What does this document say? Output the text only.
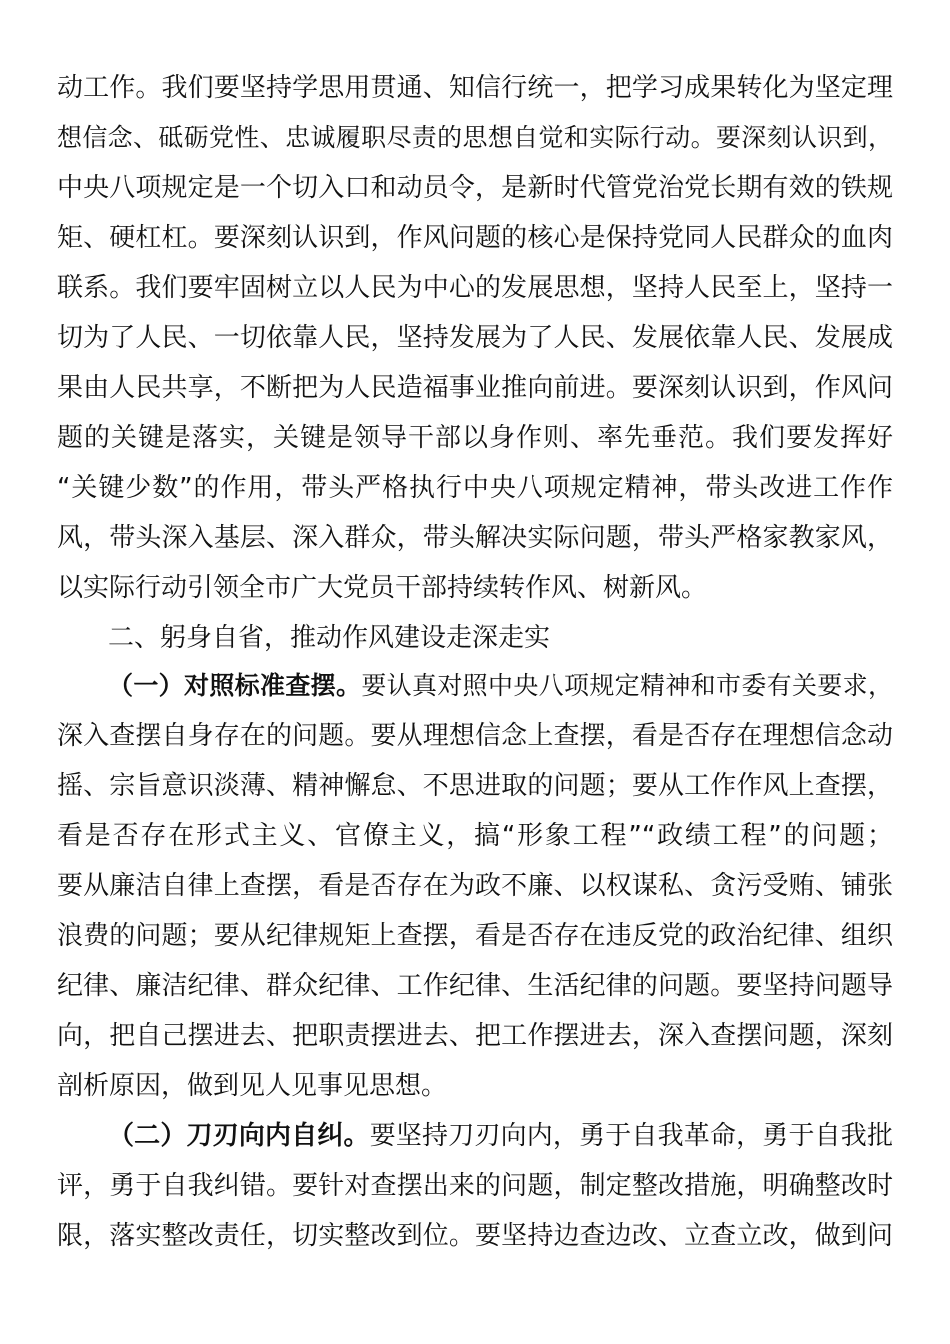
动工作。我们要坚持学思用贯通、知信行统一，把学习成果转化为坚定理
想信念、砥砺党性、忠诚履职尽责的思想自觉和实际行动。要深刻认识到，
中央八项规定是一个切入口和动员令，是新时代管党治党长期有效的铁规
矩、硬杠杠。要深刻认识到，作风问题的核心是保持党同人民群众的血肉
联系。我们要牢固树立以人民为中心的发展思想，坚持人民至上，坚持一
切为了人民、一切依靠人民，坚持发展为了人民、发展依靠人民、发展成
果由人民共享，不断把为人民造福事业推向前进。要深刻认识到，作风问
题的关键是落实，关键是领导干部以身作则、率先垂范。我们要发挥好
“关键少数”的作用，带头严格执行中央八项规定精神，带头改进工作作
风，带头深入基层、深入群众，带头解决实际问题，带头严格家教家风，
以实际行动引领全市广大党员干部持续转作风、树新风。
二、躬身自省，推动作风建设走深走实
（一）对照标准查摆。要认真对照中央八项规定精神和市委有关要求，
深入查摆自身存在的问题。要从理想信念上查摆，看是否存在理想信念动
摇、宗旨意识淡薄、精神懈怠、不思进取的问题；要从工作作风上查摆，
看是否存在形式主义、官僚主义，搞“形象工程”“政绩工程”的问题；
要从廉洁自律上查摆，看是否存在为政不廉、以权谋私、贪污受贿、铺张
浪费的问题；要从纪律规矩上查摆，看是否存在违反党的政治纪律、组织
纪律、廉洁纪律、群众纪律、工作纪律、生活纪律的问题。要坚持问题导
向，把自己摆进去、把职责摆进去、把工作摆进去，深入查摆问题，深刻
剖析原因，做到见人见事见思想。
（二）刀刃向内自纠。要坚持刀刃向内，勇于自我革命，勇于自我批
评，勇于自我纠错。要针对查摆出来的问题，制定整改措施，明确整改时
限，落实整改责任，切实整改到位。要坚持边查边改、立查立改，做到问
